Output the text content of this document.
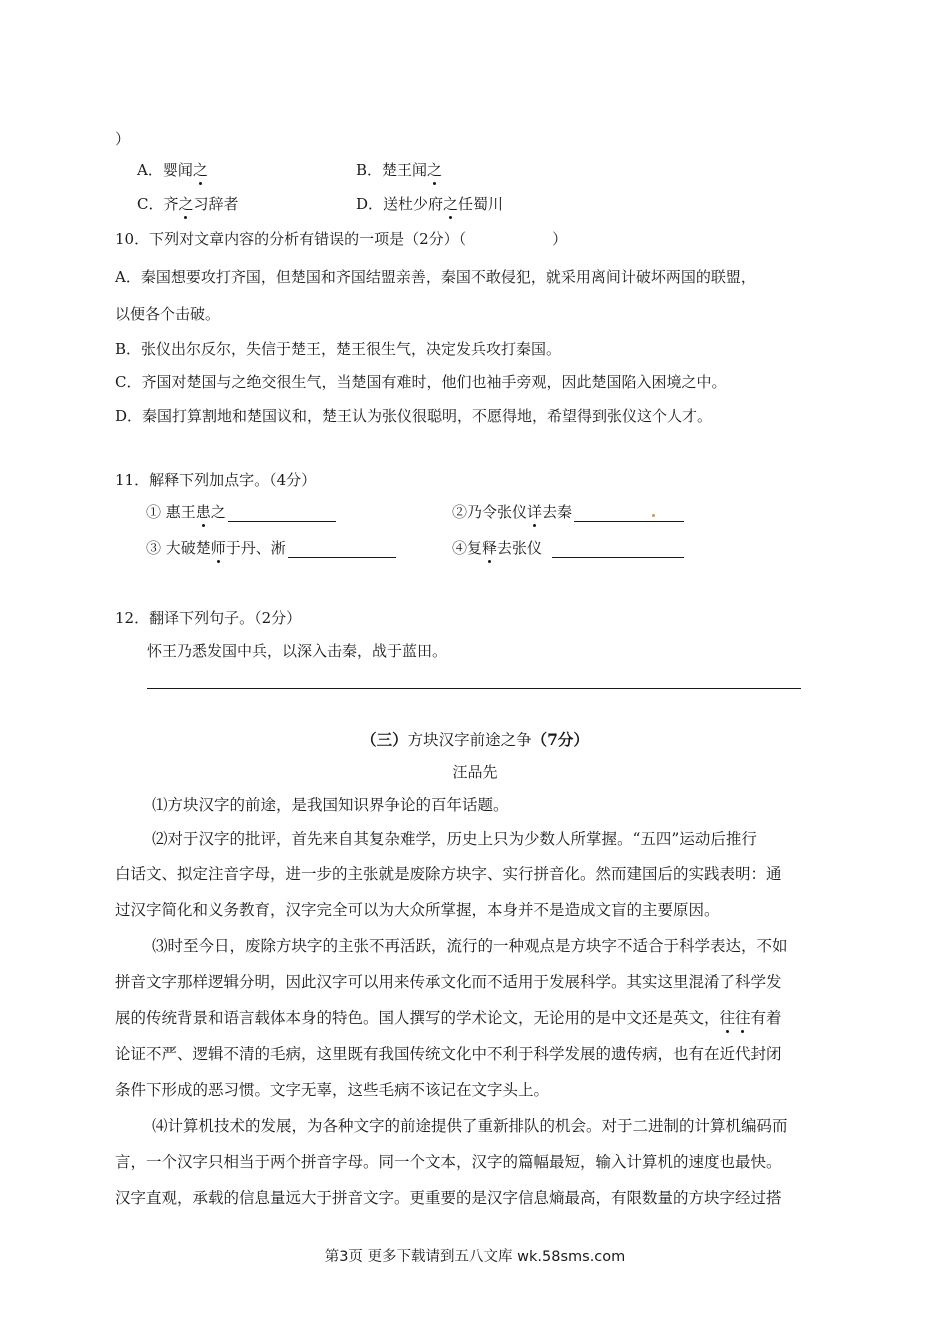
）
A．婴闻之	B．楚王闻之
C．齐之习辞者	D．送杜少府之任蜀川
10．下列对文章内容的分析有错误的一项是（2分）（	）
A．秦国想要攻打齐国，但楚国和齐国结盟亲善，秦国不敢侵犯，就采用离间计破坏两国的联盟，
以便各个击破。
B．张仪出尔反尔，失信于楚王，楚王很生气，决定发兵攻打秦国。
C．齐国对楚国与之绝交很生气，当楚国有难时，他们也袖手旁观，因此楚国陷入困境之中。
D．秦国打算割地和楚国议和，楚王认为张仪很聪明，不愿得地，希望得到张仪这个人才。
11．解释下列加点字。（4分）
① 惠王患之	②乃令张仪详去秦
③ 大破楚师于丹、淅	④复释去张仪
12．翻译下列句子。（2分）
怀王乃悉发国中兵，以深入击秦，战于蓝田。
（三）方块汉字前途之争（7分）
汪品先
⑴方块汉字的前途，是我国知识界争论的百年话题。
⑵对于汉字的批评，首先来自其复杂难学，历史上只为少数人所掌握。“五四”运动后推行
白话文、拟定注音字母，进一步的主张就是废除方块字、实行拼音化。然而建国后的实践表明：通
过汉字简化和义务教育，汉字完全可以为大众所掌握，本身并不是造成文盲的主要原因。
⑶时至今日，废除方块字的主张不再活跃，流行的一种观点是方块字不适合于科学表达，不如
拼音文字那样逻辑分明，因此汉字可以用来传承文化而不适用于发展科学。其实这里混淆了科学发
展的传统背景和语言载体本身的特色。国人撰写的学术论文，无论用的是中文还是英文，往往有着
论证不严、逻辑不清的毛病，这里既有我国传统文化中不利于科学发展的遗传病，也有在近代封闭
条件下形成的恶习惯。文字无辜，这些毛病不该记在文字头上。
⑷计算机技术的发展，为各种文字的前途提供了重新排队的机会。对于二进制的计算机编码而
言，一个汉字只相当于两个拼音字母。同一个文本，汉字的篇幅最短，输入计算机的速度也最快。
汉字直观，承载的信息量远大于拼音文字。更重要的是汉字信息熵最高，有限数量的方块字经过搭
第3页 更多下载请到五八文库 wk.58sms.com
